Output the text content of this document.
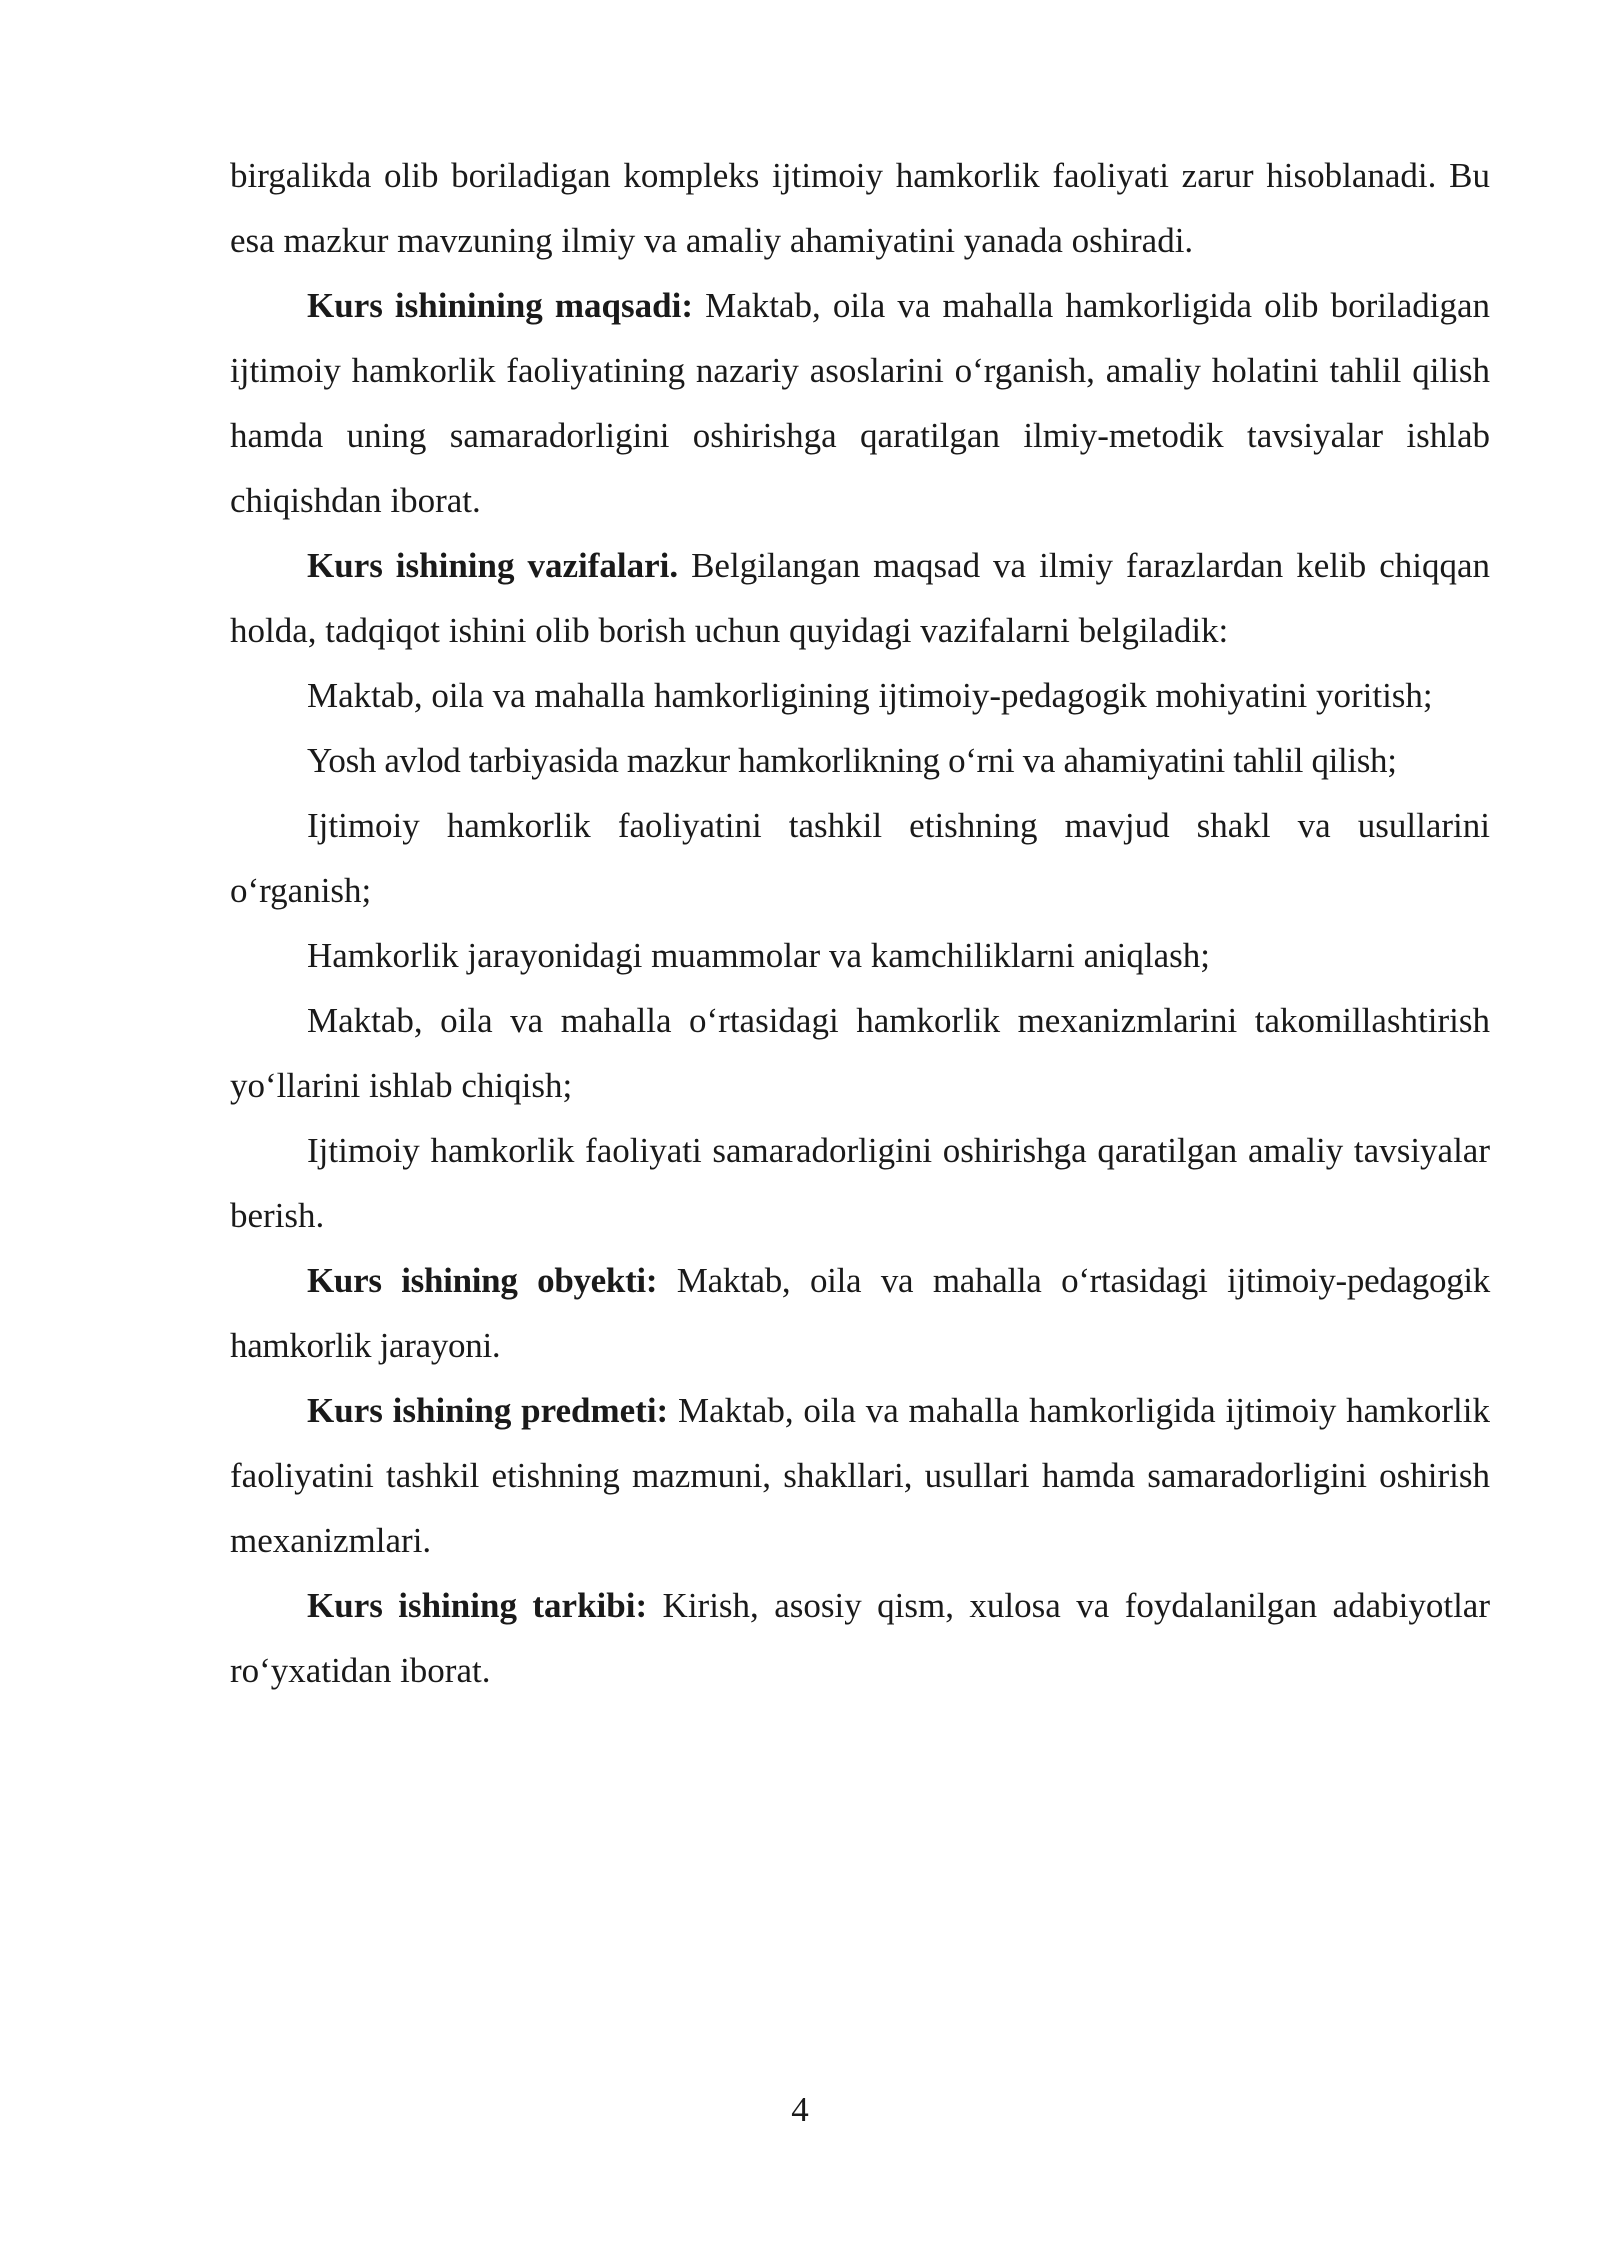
birgalikda olib boriladigan kompleks ijtimoiy hamkorlik faoliyati zarur hisoblanadi. Bu esa mazkur mavzuning ilmiy va amaliy ahamiyatini yanada oshiradi.

Kurs ishinining maqsadi: Maktab, oila va mahalla hamkorligida olib boriladigan ijtimoiy hamkorlik faoliyatining nazariy asoslarini o‘rganish, amaliy holatini tahlil qilish hamda uning samaradorligini oshirishga qaratilgan ilmiy-metodik tavsiyalar ishlab chiqishdan iborat.

Kurs ishining vazifalari. Belgilangan maqsad va ilmiy farazlardan kelib chiqqan holda, tadqiqot ishini olib borish uchun quyidagi vazifalarni belgiladik:

Maktab, oila va mahalla hamkorligining ijtimoiy-pedagogik mohiyatini yoritish;

Yosh avlod tarbiyasida mazkur hamkorlikning o‘rni va ahamiyatini tahlil qilish;

Ijtimoiy hamkorlik faoliyatini tashkil etishning mavjud shakl va usullarini o‘rganish;

Hamkorlik jarayonidagi muammolar va kamchiliklarni aniqlash;

Maktab, oila va mahalla o‘rtasidagi hamkorlik mexanizmlarini takomillashtirish yo‘llarini ishlab chiqish;

Ijtimoiy hamkorlik faoliyati samaradorligini oshirishga qaratilgan amaliy tavsiyalar berish.

Kurs ishining obyekti: Maktab, oila va mahalla o‘rtasidagi ijtimoiy-pedagogik hamkorlik jarayoni.

Kurs ishining predmeti: Maktab, oila va mahalla hamkorligida ijtimoiy hamkorlik faoliyatini tashkil etishning mazmuni, shakllari, usullari hamda samaradorligini oshirish mexanizmlari.

Kurs ishining tarkibi: Kirish, asosiy qism, xulosa va foydalanilgan adabiyotlar ro‘yxatidan iborat.

4
